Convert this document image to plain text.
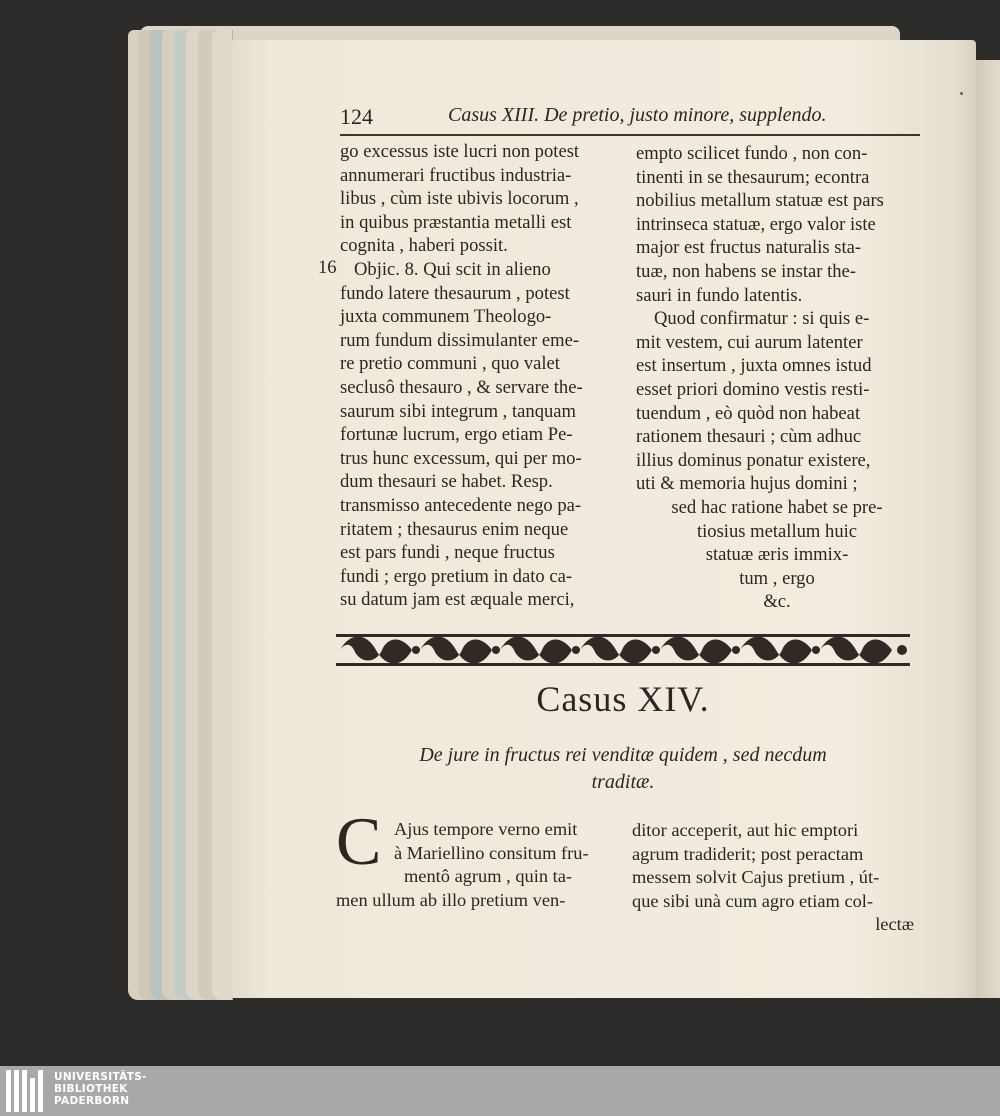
124	Casus XIII. De pretio, justo minore, supplendo.
16
go excessus iste lucri non potest
annumerari fructibus industria-
libus , cùm iste ubivis locorum ,
in quibus præstantia metalli est
cognita , haberi possit.
Objic. 8. Qui scit in alieno
fundo latere thesaurum , potest
juxta communem Theologo-
rum fundum dissimulanter eme-
re pretio communi , quo valet
seclusô thesauro , & servare the-
saurum sibi integrum , tanquam
fortunæ lucrum, ergo etiam Pe-
trus hunc excessum, qui per mo-
dum thesauri se habet. Resp.
transmisso antecedente nego pa-
ritatem ; thesaurus enim neque
est pars fundi , neque fructus
fundi ; ergo pretium in dato ca-
su datum jam est æquale merci,
empto scilicet fundo , non con-
tinenti in se thesaurum; econtra
nobilius metallum statuæ est pars
intrinseca statuæ, ergo valor iste
major est fructus naturalis sta-
tuæ, non habens se instar the-
sauri in fundo latentis.
Quod confirmatur : si quis e-
mit vestem, cui aurum latenter
est insertum , juxta omnes istud
esset priori domino vestis resti-
tuendum , eò quòd non habeat
rationem thesauri ; cùm adhuc
illius dominus ponatur existere,
uti & memoria hujus domini ;
sed hac ratione habet se pre-
tiosius metallum huic
statuæ æris immix-
tum , ergo
&c.
Casus XIV.
De jure in fructus rei venditæ quidem , sed necdum
traditæ.
C Ajus tempore verno emit
à Mariellino consitum fru-
mentô agrum , quin ta-
men ullum ab illo pretium ven-
ditor acceperit, aut hic emptori
agrum tradiderit; post peractam
messem solvit Cajus pretium , út-
que sibi unà cum agro etiam col-
lectæ
UNIVERSITÄTS-
BIBLIOTHEK
PADERBORN
